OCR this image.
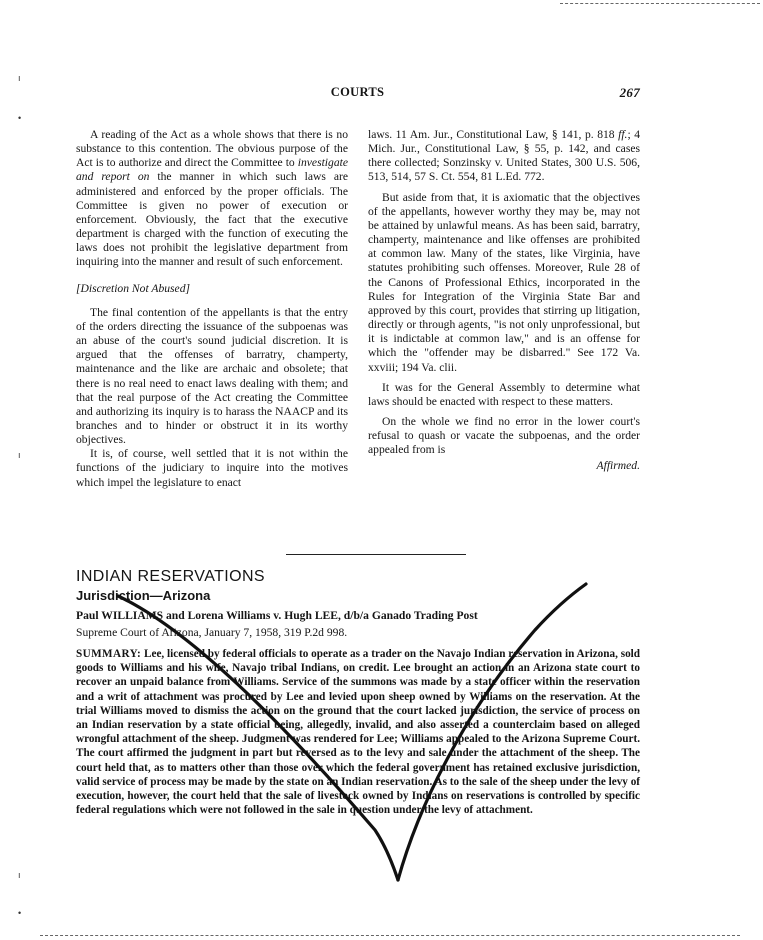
COURTS	267

A reading of the Act as a whole shows that there is no substance to this contention. The obvious purpose of the Act is to authorize and direct the Committee to investigate and report on the manner in which such laws are administered and enforced by the proper officials. The Committee is given no power of execution or enforcement. Obviously, the fact that the executive department is charged with the function of executing the laws does not prohibit the legislative department from inquiring into the manner and result of such enforcement.

[Discretion Not Abused]

The final contention of the appellants is that the entry of the orders directing the issuance of the subpoenas was an abuse of the court's sound judicial discretion. It is argued that the offenses of barratry, champerty, maintenance and the like are archaic and obsolete; that there is no real need to enact laws dealing with them; and that the real purpose of the Act creating the Committee and authorizing its inquiry is to harass the NAACP and its branches and to hinder or obstruct it in its worthy objectives.

It is, of course, well settled that it is not within the functions of the judiciary to inquire into the motives which impel the legislature to enact

laws. 11 Am. Jur., Constitutional Law, § 141, p. 818 ff.; 4 Mich. Jur., Constitutional Law, § 55, p. 142, and cases there collected; Sonzinsky v. United States, 300 U.S. 506, 513, 514, 57 S. Ct. 554, 81 L.Ed. 772.

But aside from that, it is axiomatic that the objectives of the appellants, however worthy they may be, may not be attained by unlawful means. As has been said, barratry, champerty, maintenance and like offenses are prohibited at common law. Many of the states, like Virginia, have statutes prohibiting such offenses. Moreover, Rule 28 of the Canons of Professional Ethics, incorporated in the Rules for Integration of the Virginia State Bar and approved by this court, provides that stirring up litigation, directly or through agents, "is not only unprofessional, but it is indictable at common law," and is an offense for which the "offender may be disbarred." See 172 Va. xxviii; 194 Va. clii.

It was for the General Assembly to determine what laws should be enacted with respect to these matters.

On the whole we find no error in the lower court's refusal to quash or vacate the subpoenas, and the order appealed from is

Affirmed.
INDIAN RESERVATIONS
Jurisdiction—Arizona
Paul WILLIAMS and Lorena Williams v. Hugh LEE, d/b/a Ganado Trading Post
Supreme Court of Arizona, January 7, 1958, 319 P.2d 998.
SUMMARY: Lee, licensed by federal officials to operate as a trader on the Navajo Indian reservation in Arizona, sold goods to Williams and his wife, Navajo tribal Indians, on credit. Lee brought an action in an Arizona state court to recover an unpaid balance from Williams. Service of the summons was made by a state officer within the reservation and a writ of attachment was procured by Lee and levied upon sheep owned by Williams on the reservation. At the trial Williams moved to dismiss the action on the ground that the court lacked jurisdiction, the service of process on an Indian reservation by a state official being, allegedly, invalid, and also asserted a counterclaim based on alleged wrongful attachment of the sheep. Judgment was rendered for Lee; Williams appealed to the Arizona Supreme Court. The court affirmed the judgment in part but reversed as to the levy and sale under the attachment of the sheep. The court held that, as to matters other than those over which the federal government has retained exclusive jurisdiction, valid service of process may be made by the state on an Indian reservation. As to the sale of the sheep under the levy of execution, however, the court held that the sale of livestock owned by Indians on reservations is controlled by specific federal regulations which were not followed in the sale in question under the levy of attachment.
ı
•
ı
ı
•
